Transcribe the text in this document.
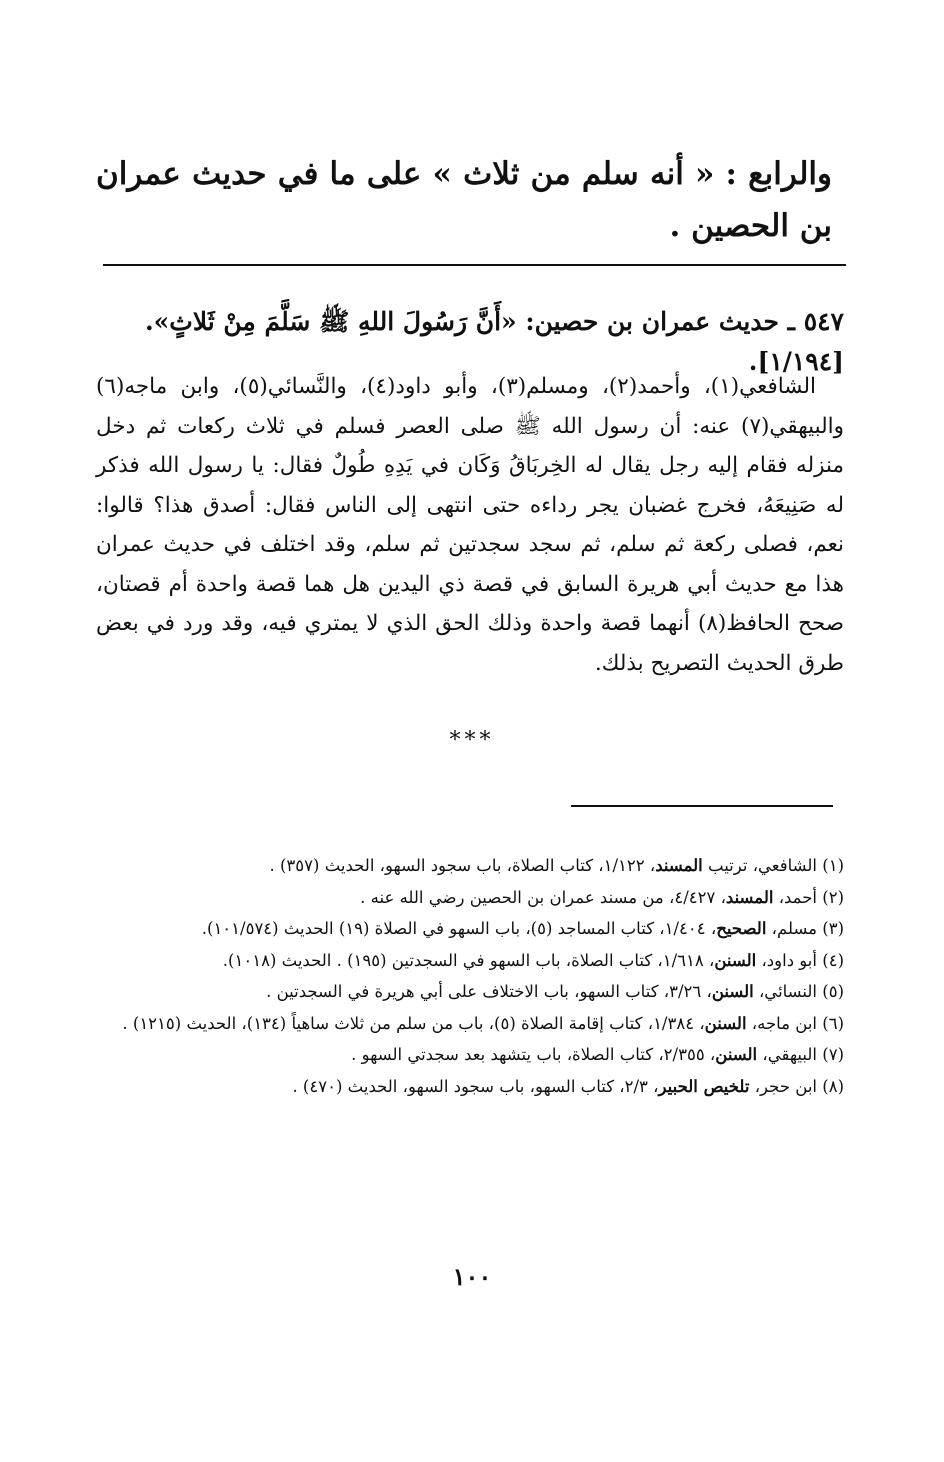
والرابع : « أنه سلم من ثلاث » على ما في حديث عمران بن الحصين .
٥٤٧ ـ حديث عمران بن حصين: «أَنَّ رَسُولَ اللهِ ﷺ سَلَّمَ مِنْ ثَلاثٍ». [١/١٩٤].

الشافعي(١)، وأحمد(٢)، ومسلم(٣)، وأبو داود(٤)، والنَّسائي(٥)، وابن ماجه(٦) والبيهقي(٧) عنه: أن رسول الله ﷺ صلى العصر فسلم في ثلاث ركعات ثم دخل منزله فقام إليه رجل يقال له الخِربَاقُ وَكَان في يَدِهِ طُولٌ فقال: يا رسول الله فذكر له صَنِيعَهُ، فخرج غضبان يجر رداءه حتى انتهى إلى الناس فقال: أصدق هذا؟ قالوا: نعم، فصلى ركعة ثم سلم، ثم سجد سجدتين ثم سلم، وقد اختلف في حديث عمران هذا مع حديث أبي هريرة السابق في قصة ذي اليدين هل هما قصة واحدة أم قصتان، صحح الحافظ(٨) أنهما قصة واحدة وذلك الحق الذي لا يمتري فيه، وقد ورد في بعض طرق الحديث التصريح بذلك.

***

(١) الشافعي، ترتيب المسند، ١/١٢٢، كتاب الصلاة، باب سجود السهو، الحديث (٣٥٧) .

(٢) أحمد، المسند، ٤/٤٢٧، من مسند عمران بن الحصين رضي الله عنه .

(٣) مسلم، الصحيح، ١/٤٠٤، كتاب المساجد (٥)، باب السهو في الصلاة (١٩) الحديث (١٠١/٥٧٤).

(٤) أبو داود، السنن، ١/٦١٨، كتاب الصلاة، باب السهو في السجدتين (١٩٥) . الحديث (١٠١٨).

(٥) النسائي، السنن، ٣/٢٦، كتاب السهو، باب الاختلاف على أبي هريرة في السجدتين .

(٦) ابن ماجه، السنن، ١/٣٨٤، كتاب إقامة الصلاة (٥)، باب من سلم من ثلاث ساهياً (١٣٤)، الحديث (١٢١٥) .

(٧) البيهقي، السنن، ٢/٣٥٥، كتاب الصلاة، باب يتشهد بعد سجدتي السهو .

(٨) ابن حجر، تلخيص الحبير، ٢/٣، كتاب السهو، باب سجود السهو، الحديث (٤٧٠) .

١٠٠
